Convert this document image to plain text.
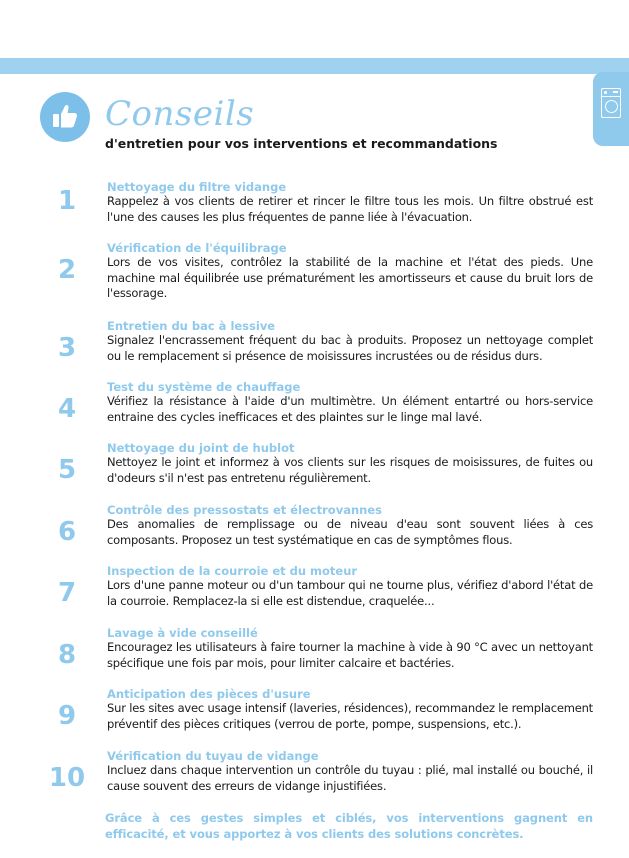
Conseils
d'entretien pour vos interventions et recommandations
1	Nettoyage du filtre vidange

Rappelez à vos clients de retirer et rincer le filtre tous les mois. Un filtre obstrué est l'une des causes les plus fréquentes de panne liée à l'évacuation.

2
Vérification de l'équilibrage

Lors de vos visites, contrôlez la stabilité de la machine et l'état des pieds. Une machine mal équilibrée use prématurément les amortisseurs et cause du bruit lors de l'essorage.

3
Entretien du bac à lessive

Signalez l'encrassement fréquent du bac à produits. Proposez un nettoyage complet ou le remplacement si présence de moisissures incrustées ou de résidus durs.

4
Test du système de chauffage

Vérifiez la résistance à l'aide d'un multimètre. Un élément entartré ou hors-service entraine des cycles inefficaces et des plaintes sur le linge mal lavé.

5
Nettoyage du joint de hublot

Nettoyez le joint et informez à vos clients sur les risques de moisissures, de fuites ou d'odeurs s'il n'est pas entretenu régulièrement.

6
Contrôle des pressostats et électrovannes

Des anomalies de remplissage ou de niveau d'eau sont souvent liées à ces composants. Proposez un test systématique en cas de symptômes flous.

7
Inspection de la courroie et du moteur

Lors d'une panne moteur ou d'un tambour qui ne tourne plus, vérifiez d'abord l'état de la courroie. Remplacez-la si elle est distendue, craquelée...

8
Lavage à vide conseillé

Encouragez les utilisateurs à faire tourner la machine à vide à 90 °C avec un nettoyant spécifique une fois par mois, pour limiter calcaire et bactéries.

9
Anticipation des pièces d'usure

Sur les sites avec usage intensif (laveries, résidences), recommandez le remplacement préventif des pièces critiques (verrou de porte, pompe, suspensions, etc.).

10
Vérification du tuyau de vidange

Incluez dans chaque intervention un contrôle du tuyau : plié, mal installé ou bouché, il cause souvent des erreurs de vidange injustifiées.

Grâce à ces gestes simples et ciblés, vos interventions gagnent en efficacité, et vous apportez à vos clients des solutions concrètes.
